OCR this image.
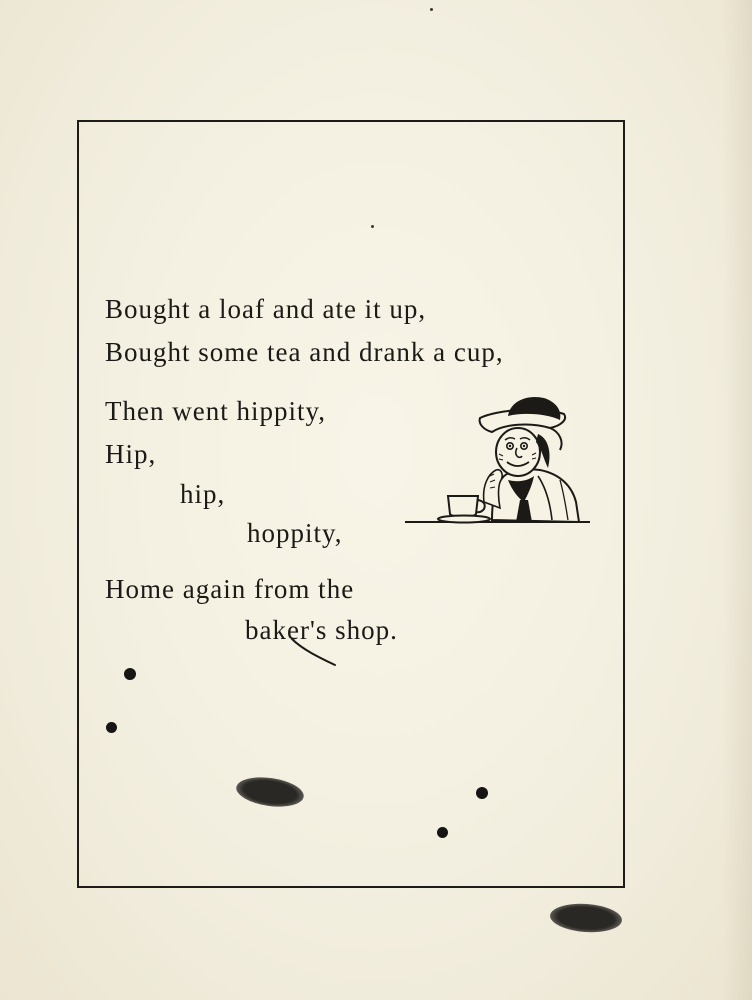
Bought a loaf and ate it up,
Bought some tea and drank a cup,
Then went hippity,
Hip,
hip,
hoppity,
Home again from the
baker's shop.
